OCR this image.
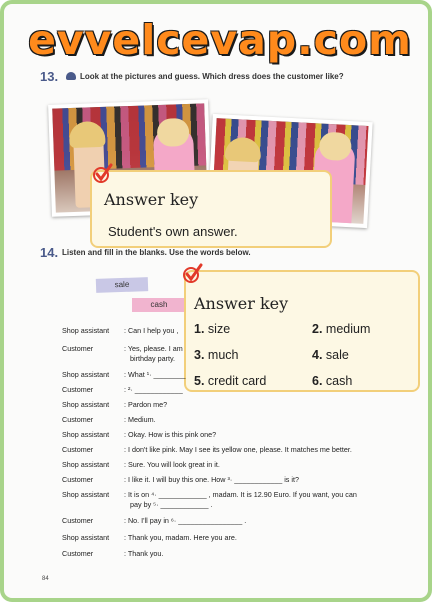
evvelcevap.com
13.	Look at the pictures and guess. Which dress does the customer like?
Answer key
Student's own answer.
14. Listen and fill in the blanks. Use the words below.
sale
cash	Answer key
1. size	2. medium
3. much	4. sale
5. credit card	6. cash
Shop assistant	: Can I help you ,
Customer	: Yes, please. I am
birthday party.
Shop assistant	: What ¹· ________
Customer	: ²· ____________
Shop assistant	: Pardon me?
Customer	: Medium.
Shop assistant	: Okay. How is this pink one?
Customer	: I don't like pink. May I see its yellow one, please. It matches me better.
Shop assistant	: Sure. You will look great in it.
Customer	: I like it. I will buy this one. How ³· ____________ is it?
Shop assistant	: It is on ⁴· ____________ , madam. It is 12.90 Euro. If you want, you can
pay by ⁵· ____________ .
Customer	: No. I'll pay in ⁶· ________________ .
Shop assistant	: Thank you, madam. Here you are.
Customer	: Thank you.
84
